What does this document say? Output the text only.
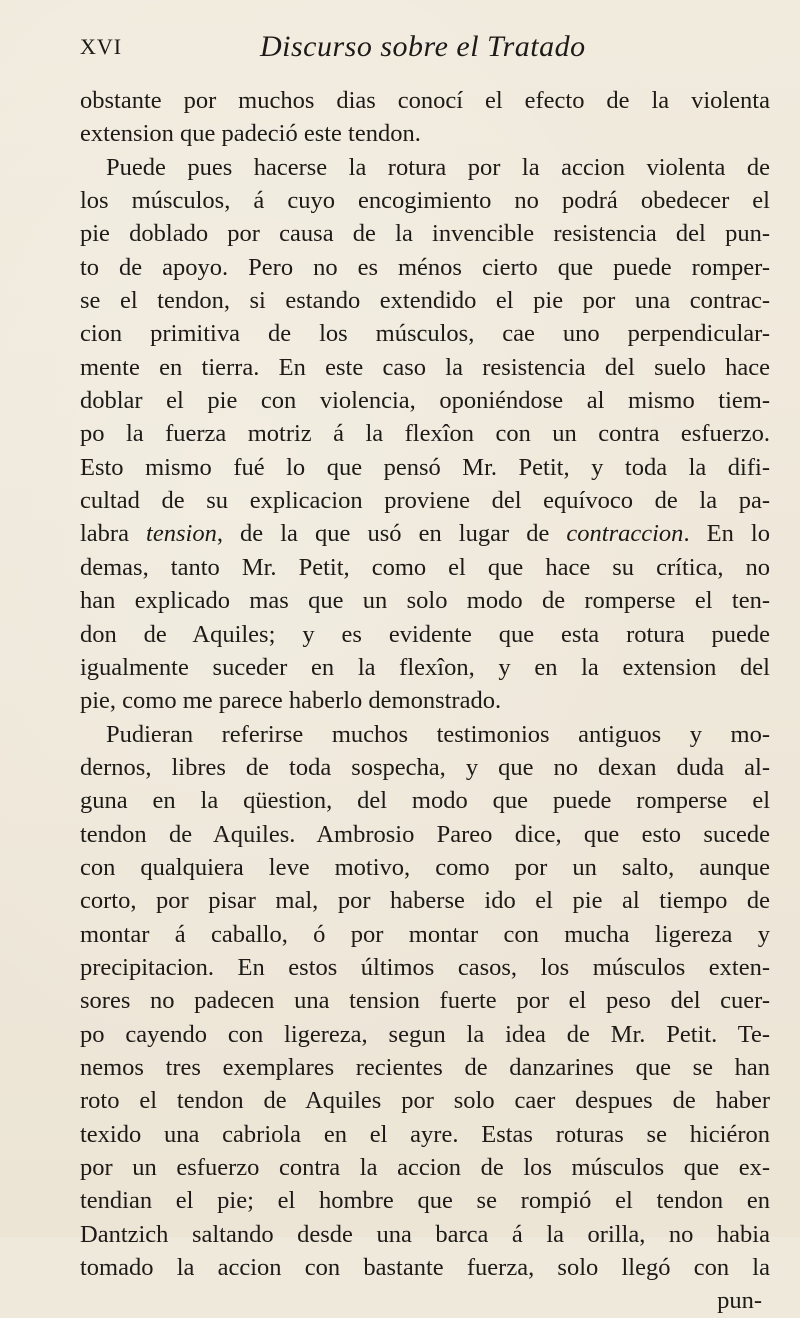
XVI	Discurso sobre el Tratado
obstante por muchos dias conocí el efecto de la violenta
extension que padeció este tendon.
Puede pues hacerse la rotura por la accion violenta de
los músculos, á cuyo encogimiento no podrá obedecer el
pie doblado por causa de la invencible resistencia del pun-
to de apoyo. Pero no es ménos cierto que puede romper-
se el tendon, si estando extendido el pie por una contrac-
cion primitiva de los músculos, cae uno perpendicular-
mente en tierra. En este caso la resistencia del suelo hace
doblar el pie con violencia, oponiéndose al mismo tiem-
po la fuerza motriz á la flexîon con un contra esfuerzo.
Esto mismo fué lo que pensó Mr. Petit, y toda la difi-
cultad de su explicacion proviene del equívoco de la pa-
labra tension, de la que usó en lugar de contraccion. En lo
demas, tanto Mr. Petit, como el que hace su crítica, no
han explicado mas que un solo modo de romperse el ten-
don de Aquiles; y es evidente que esta rotura puede
igualmente suceder en la flexîon, y en la extension del
pie, como me parece haberlo demonstrado.
Pudieran referirse muchos testimonios antiguos y mo-
dernos, libres de toda sospecha, y que no dexan duda al-
guna en la qüestion, del modo que puede romperse el
tendon de Aquiles. Ambrosio Pareo dice, que esto sucede
con qualquiera leve motivo, como por un salto, aunque
corto, por pisar mal, por haberse ido el pie al tiempo de
montar á caballo, ó por montar con mucha ligereza y
precipitacion. En estos últimos casos, los músculos exten-
sores no padecen una tension fuerte por el peso del cuer-
po cayendo con ligereza, segun la idea de Mr. Petit. Te-
nemos tres exemplares recientes de danzarines que se han
roto el tendon de Aquiles por solo caer despues de haber
texido una cabriola en el ayre. Estas roturas se hiciéron
por un esfuerzo contra la accion de los músculos que ex-
tendian el pie; el hombre que se rompió el tendon en
Dantzich saltando desde una barca á la orilla, no habia
tomado la accion con bastante fuerza, solo llegó con la
pun-
